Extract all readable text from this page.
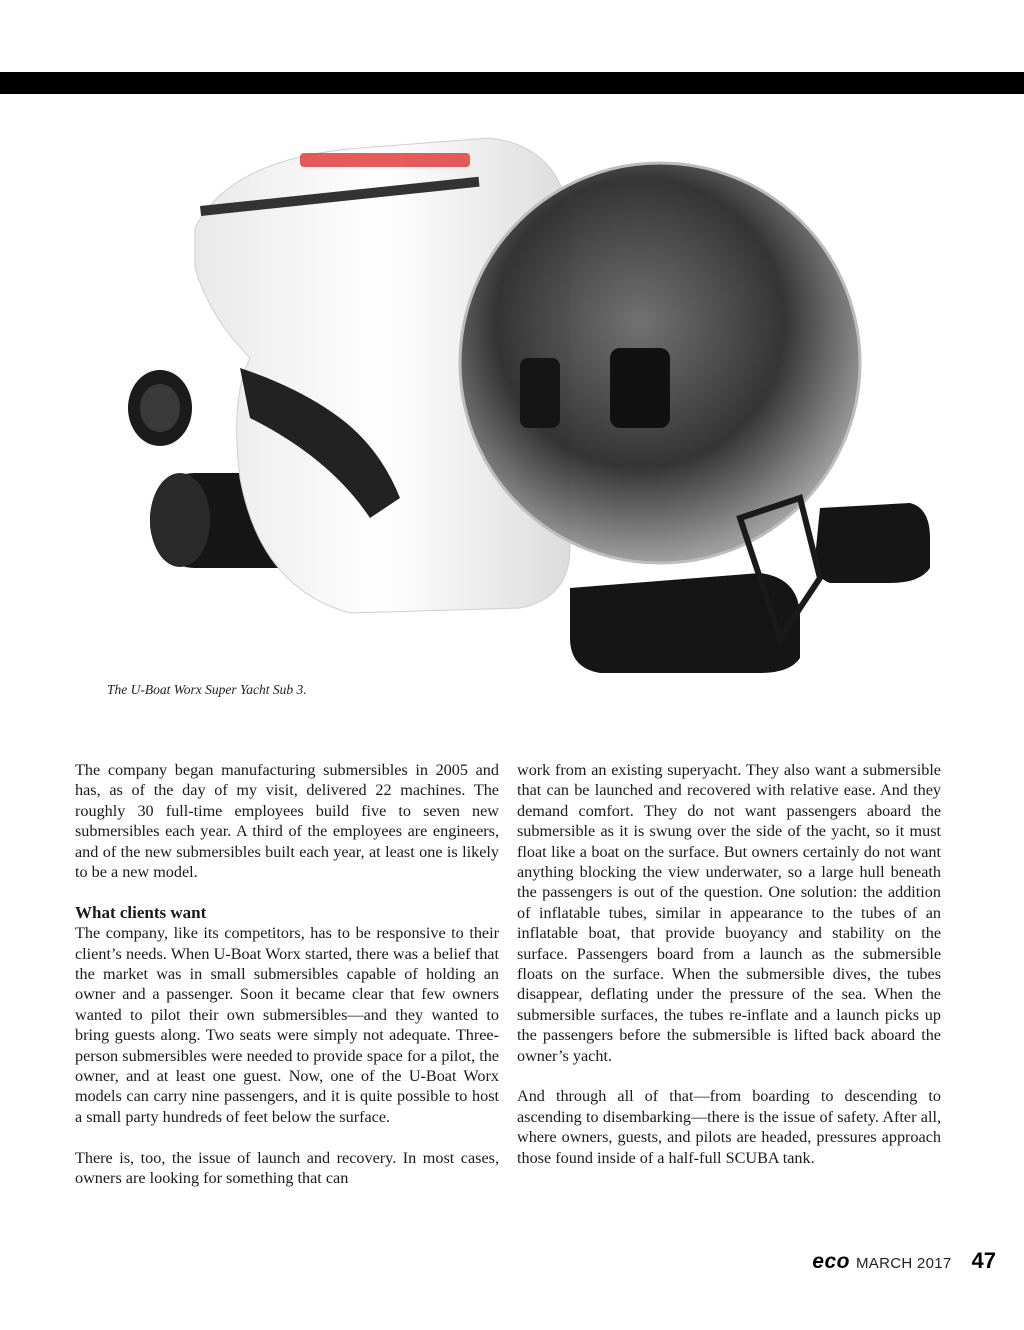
The U-Boat Worx Super Yacht Sub 3.

The company began manufacturing submersibles in 2005 and has, as of the day of my visit, delivered 22 machines. The roughly 30 full-time employees build five to seven new submersibles each year. A third of the employees are engineers, and of the new submersibles built each year, at least one is likely to be a new model.

What clients want

The company, like its competitors, has to be responsive to their client’s needs. When U-Boat Worx started, there was a belief that the market was in small submersibles capable of holding an owner and a passenger. Soon it became clear that few owners wanted to pilot their own submersibles—and they wanted to bring guests along. Two seats were simply not adequate. Three-person submersibles were needed to provide space for a pilot, the owner, and at least one guest. Now, one of the U-Boat Worx models can carry nine passengers, and it is quite possible to host a small party hundreds of feet below the surface.

There is, too, the issue of launch and recovery. In most cases, owners are looking for something that can

work from an existing superyacht. They also want a submersible that can be launched and recovered with relative ease. And they demand comfort. They do not want passengers aboard the submersible as it is swung over the side of the yacht, so it must float like a boat on the surface. But owners certainly do not want anything blocking the view underwater, so a large hull beneath the passengers is out of the question. One solution: the addition of inflatable tubes, similar in appearance to the tubes of an inflatable boat, that provide buoyancy and stability on the surface. Passengers board from a launch as the submersible floats on the surface. When the submersible dives, the tubes disappear, deflating under the pressure of the sea. When the submersible surfaces, the tubes re-inflate and a launch picks up the passengers before the submersible is lifted back aboard the owner’s yacht.

And through all of that—from boarding to descending to ascending to disembarking—there is the issue of safety. After all, where owners, guests, and pilots are headed, pressures approach those found inside of a half-full SCUBA tank.

eco MARCH 2017 47
